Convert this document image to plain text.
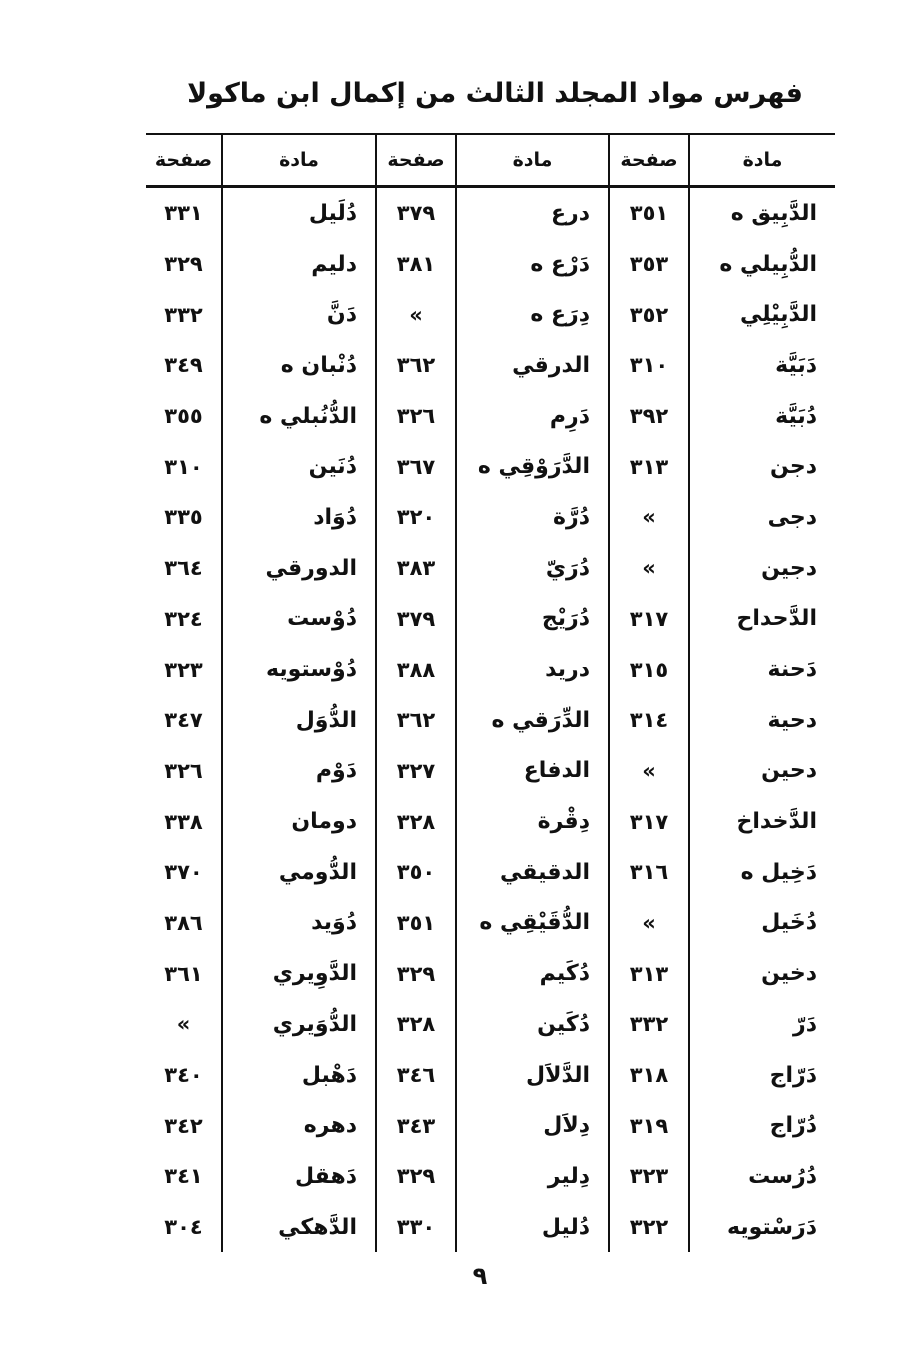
فهرس مواد المجلد الثالث من إكمال ابن ماكولا
مادة	صفحة	مادة	صفحة	مادة	صفحة
الدَّبِيق ه	٣٥١	درع	٣٧٩	دُلَيل	٣٣١
الدُّبِيلي ه	٣٥٣	دَرْع ه	٣٨١	دليم	٣٢٩
الدَّبِيْلِي	٣٥٢	دِرَع ه	»	دَنَّ	٣٣٢
دَبَيَّة	٣١٠	الدرقي	٣٦٢	دُنْبان ه	٣٤٩
دُبَيَّة	٣٩٢	دَرِم	٣٢٦	الدُّنُبلي ه	٣٥٥
دجن	٣١٣	الدَّرَوْقِي ه	٣٦٧	دُنَين	٣١٠
دجى	»	دُرَّة	٣٢٠	دُوَاد	٣٣٥
دجين	»	دُرَيّ	٣٨٣	الدورقي	٣٦٤
الدَّحداح	٣١٧	دُرَيْج	٣٧٩	دُوْست	٣٢٤
دَحنة	٣١٥	دريد	٣٨٨	دُوْستويه	٣٢٣
دحية	٣١٤	الدِّرَقي ه	٣٦٢	الدُّوَل	٣٤٧
دحين	»	الدفاع	٣٢٧	دَوْم	٣٢٦
الدَّخداخ	٣١٧	دِقْرة	٣٢٨	دومان	٣٣٨
دَخِيل ه	٣١٦	الدقيقي	٣٥٠	الدُّومي	٣٧٠
دُخَيل	»	الدُّقَيْقِي ه	٣٥١	دُوَيد	٣٨٦
دخين	٣١٣	دُكَيم	٣٢٩	الدَّوِيري	٣٦١
دَرّ	٣٣٢	دُكَين	٣٢٨	الدُّوَيري	»
دَرّاج	٣١٨	الدَّلاَل	٣٤٦	دَهْبل	٣٤٠
دُرّاج	٣١٩	دِلاَل	٣٤٣	دهره	٣٤٢
دُرُست	٣٢٣	دِلير	٣٢٩	دَهقل	٣٤١
دَرَسْتويه	٣٢٢	دُليل	٣٣٠	الدَّهكي	٣٠٤
٩
